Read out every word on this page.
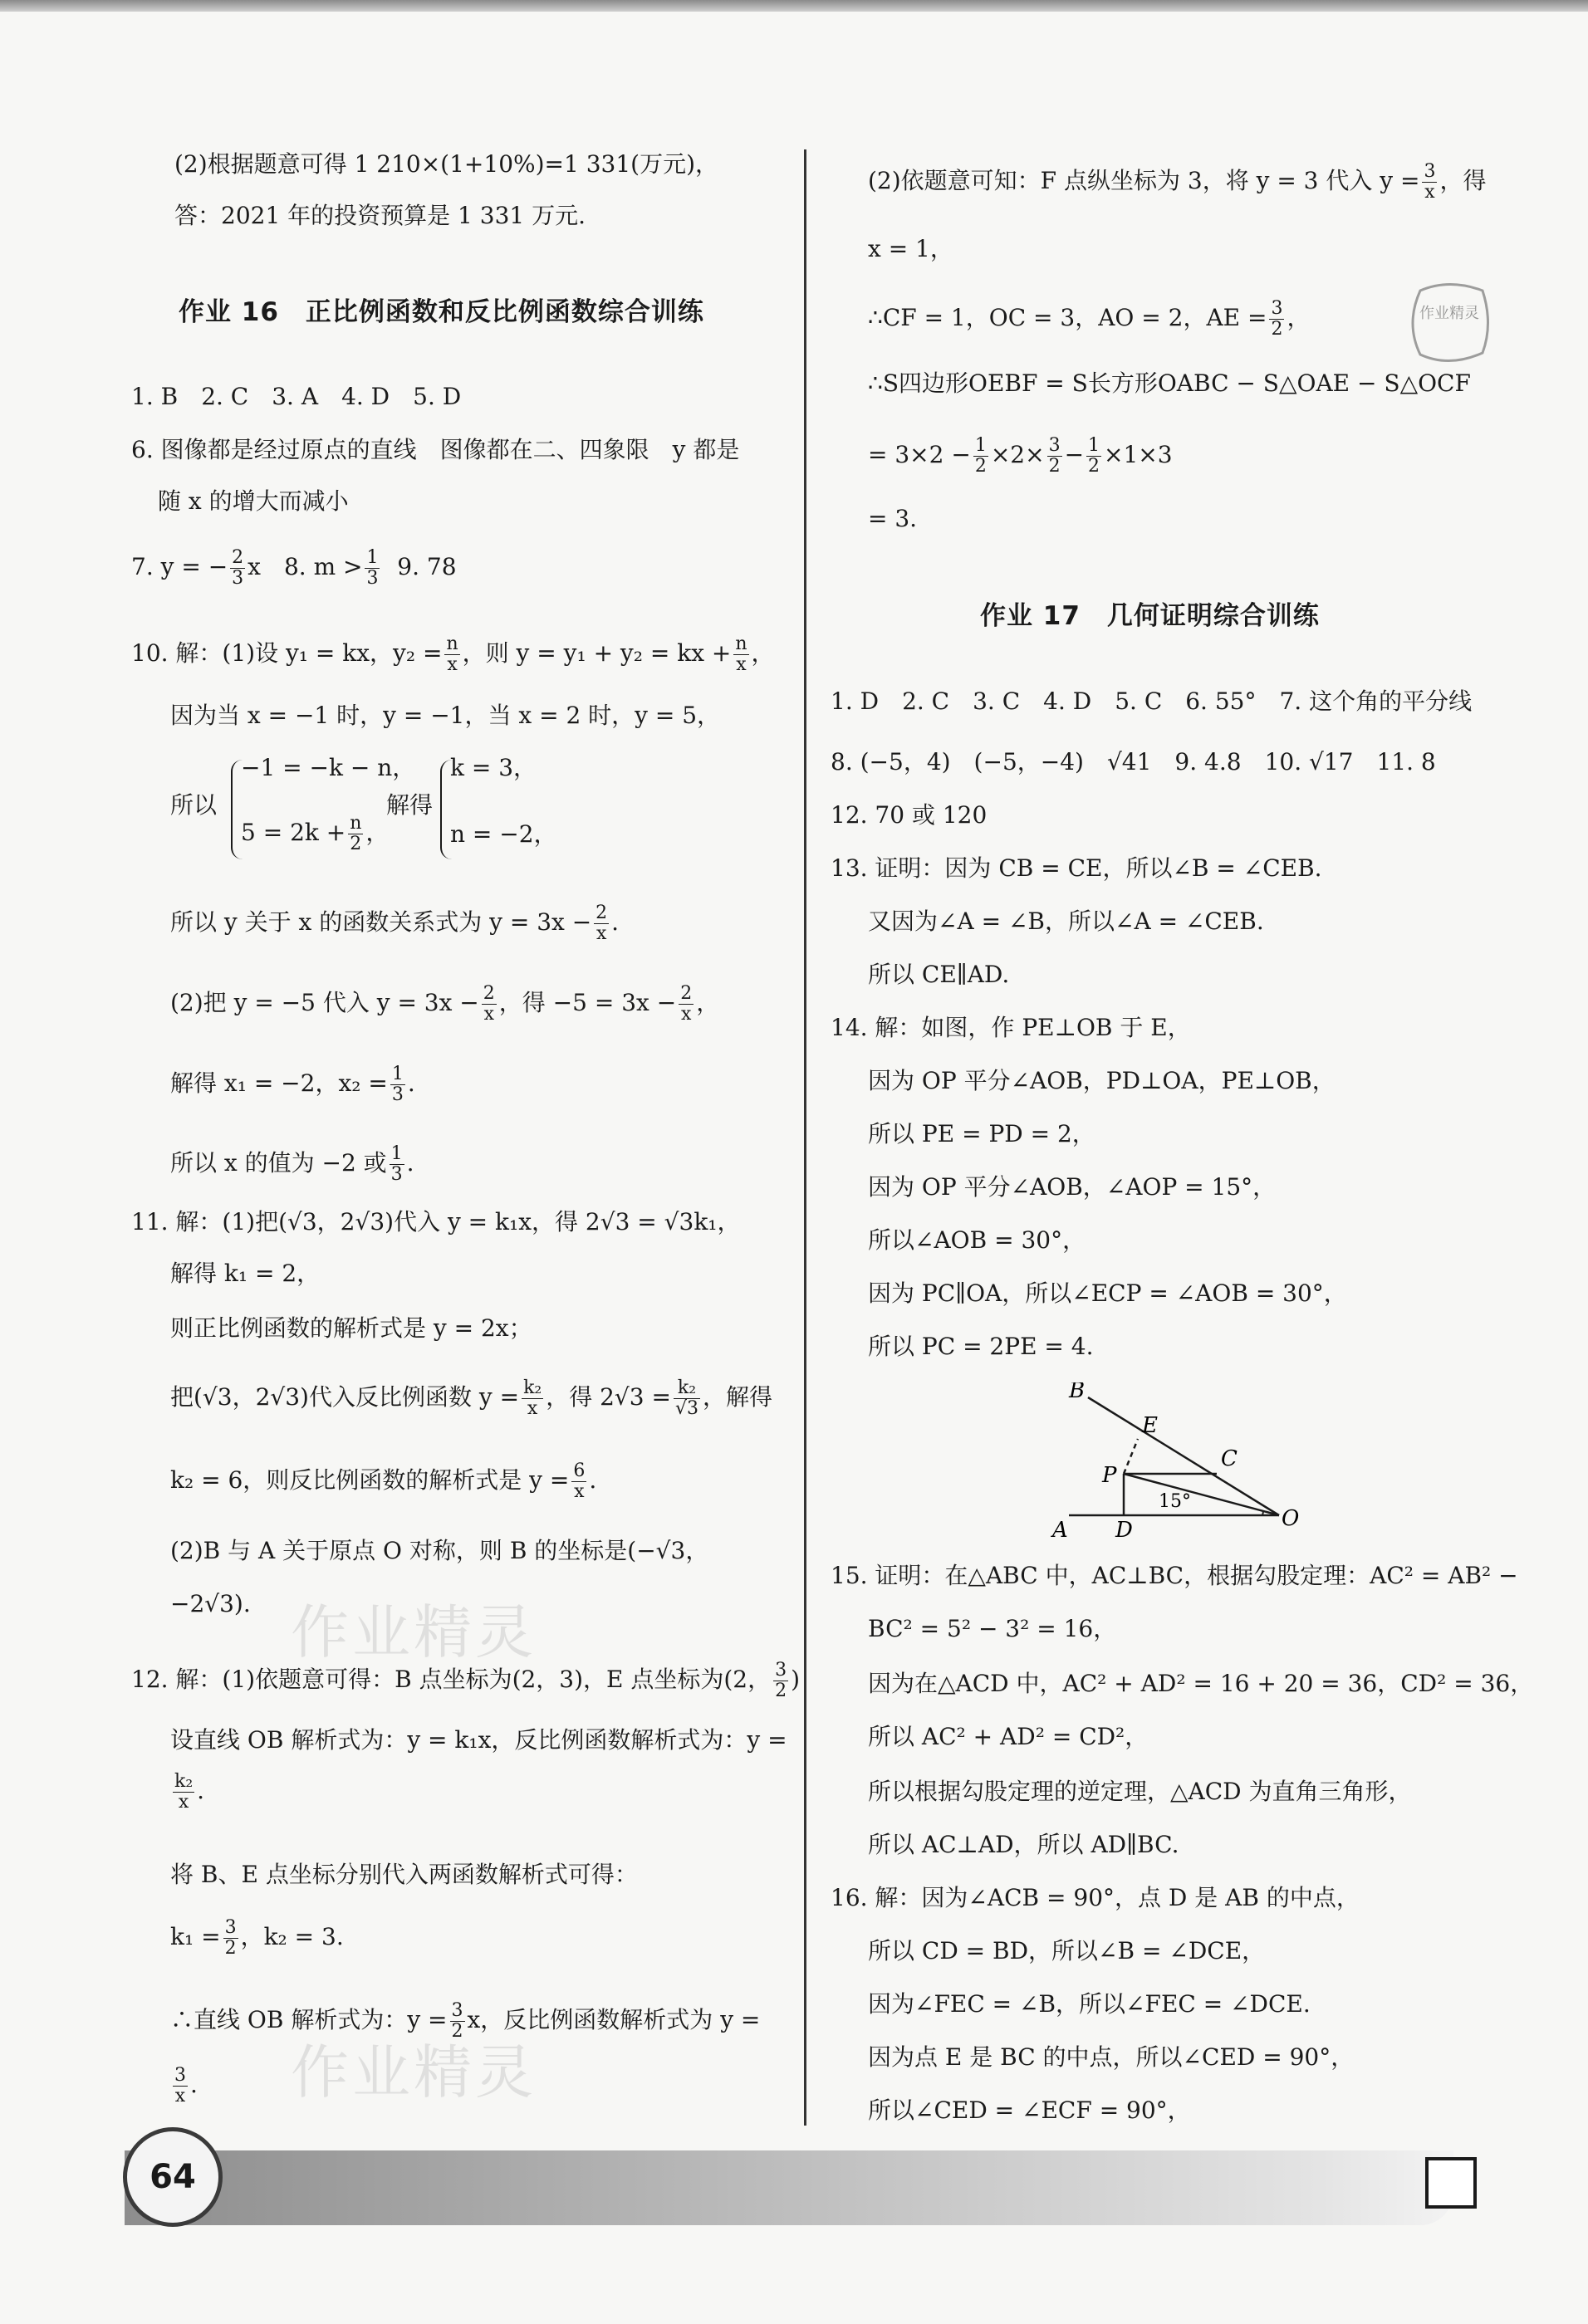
(2)根据题意可得 1 210×(1+10%)=1 331(万元)，
答：2021 年的投资预算是 1 331 万元.
作业 16　正比例函数和反比例函数综合训练
1. B　2. C　3. A　4. D　5. D
6. 图像都是经过原点的直线　图像都在二、四象限　y 都是
随 x 的增大而减小
7. y = − $\frac{2}{3}$ x　8. $m > \frac{1}{3} 9$. 78
10. 解：(1)设 y₁ = kx，$y_2 = \frac{n}{x}$ ，则 y = y₁ + y₂ = kx + $\frac{n}{x}$ ，
因为当 x = −1 时，y = −1，当 x = 2 时，y = 5，
所以
−1 = −k − n，
$5 = 2k + \frac{n}{2}$ ，
解得
k = 3，
n = −2，
所以 y 关于 x 的函数关系式为 $y = 3x - \frac{2}{x}$ .
(2)把 y = −5 代入 $y = 3x - \frac{2}{x}$ ，得 $-5 = 3x - \frac{2}{x}$ ，
解得 x₁ = −2，$x_2 = \frac{1}{3}$ .
所以 x 的值为 −2 或 $\frac{1}{3}$ .
11. 解：(1)把(√3，2√3)代入 y = k₁x，得 2√3 = √3k₁，
解得 k₁ = 2，
则正比例函数的解析式是 y = 2x；
把(√3，2√3)代入反比例函数 $y = \frac{\text{k₂}}{x}$ ，得 $2√3 = \frac{\text{k₂}}{√3}$ ，解得
k₂ = 6，则反比例函数的解析式是 $y = \frac{6}{x}$ .
(2)B 与 A 关于原点 O 对称，则 B 的坐标是(−√3，
−2√3).
12. 解：(1)依题意可得：B 点坐标为(2，3)，E 点坐标为(2， $\frac{3}{2}$ )
设直线 OB 解析式为：y = k₁x，反比例函数解析式为：y =
$\frac{\text{k₂}}{x}$ .
将 B、E 点坐标分别代入两函数解析式可得：
$k_1 = \frac{3}{2}$ ，k₂ = 3.
∴直线 OB 解析式为：$y = \frac{3}{2}$ x，反比例函数解析式为 y =
$\frac{3}{x}$ .
作业精灵
作业精灵
(2)依题意可知：F 点纵坐标为 3，将 y = 3 代入 $y = \frac{3}{x}$ ，得
x = 1，
∴CF = 1，OC = 3，AO = 2，AE = $\frac{3}{2}$ ，
∴S四边形OEBF = S长方形OABC − S△OAE − S△OCF
= $3\times 2 - \frac{1}{2} \times 2\times \frac{3}{2} - \frac{1}{2} \times 1\times 3$
= 3.
作业 17　几何证明综合训练
1. D　2. C　3. C　4. D　5. C　6. 55°　7. 这个角的平分线
8. (−5，4)　(−5，−4)　√41　9. 4.8　10. √17　11. 8
12. 70 或 120
13. 证明：因为 CB = CE，所以∠B = ∠CEB.
又因为∠A = ∠B，所以∠A = ∠CEB.
所以 CE∥AD.
14. 解：如图，作 PE⊥OB 于 E，
因为 OP 平分∠AOB，PD⊥OA，PE⊥OB，
所以 PE = PD = 2，
因为 OP 平分∠AOB，∠AOP = 15°，
所以∠AOB = 30°，
因为 PC∥OA，所以∠ECP = ∠AOB = 30°，
所以 PC = 2PE = 4.
B
E
C
P
15°
A D	O
15. 证明：在△ABC 中，AC⊥BC，根据勾股定理：AC² = AB² −
BC² = 5² − 3² = 16，
因为在△ACD 中，AC² + AD² = 16 + 20 = 36，CD² = 36，
所以 AC² + AD² = CD²，
所以根据勾股定理的逆定理，△ACD 为直角三角形，
所以 AC⊥AD，所以 AD∥BC.
16. 解：因为∠ACB = 90°，点 D 是 AB 的中点，
所以 CD = BD，所以∠B = ∠DCE，
因为∠FEC = ∠B，所以∠FEC = ∠DCE.
因为点 E 是 BC 的中点，所以∠CED = 90°，
所以∠CED = ∠ECF = 90°，
作业精灵
64
